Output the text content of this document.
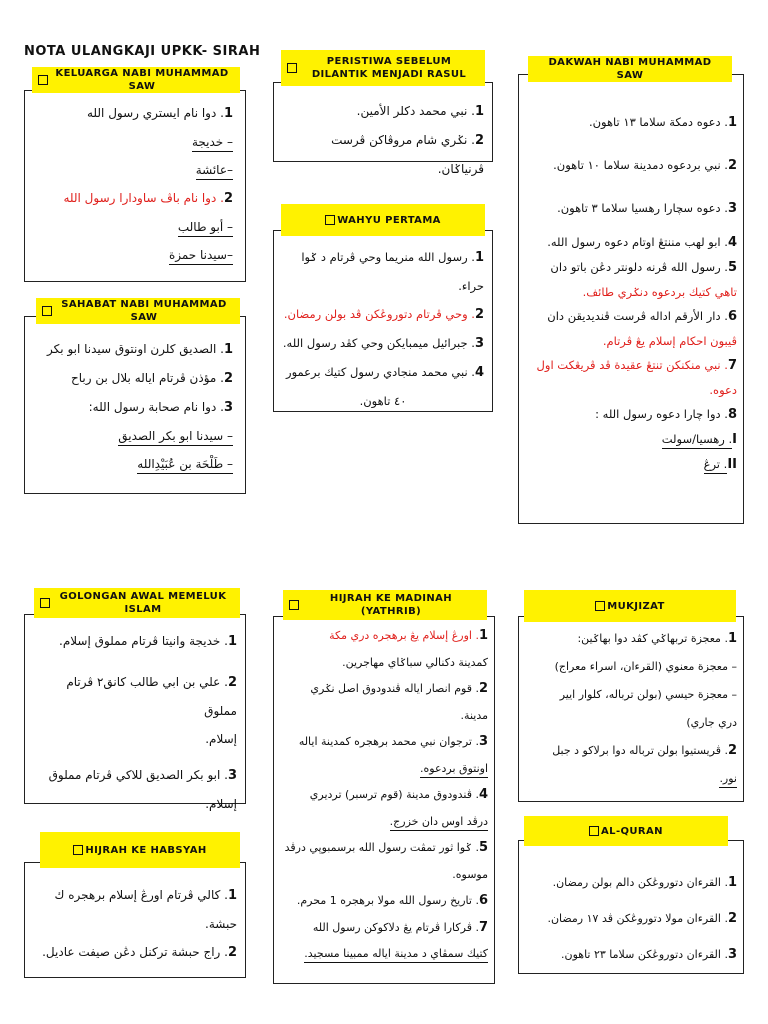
NOTA ULANGKAJI UPKK- SIRAH
1. دوا نام ايستري رسول الله
– خديجة
–عائشة
2. دوا نام باڤ ساودارا رسول الله
– أبو طالب
–سيدنا حمزة
KELUARGA NABI MUHAMMAD SAW
1. الصديق كلرن اونتوق سيدنا ابو بكر
2. مؤذن ڤرتام اياله بلال بن رباح
3. دوا نام صحابة رسول الله:
– سيدنا ابو بكر الصديق
– طَلْحَة بن عُبَيْدِالله
SAHABAT NABI MUHAMMAD SAW
1. نبي محمد دكلر الأمين.
2. نݢري شام مروڤاكن ڤرست ڤرنياݢان.
PERISTIWA SEBELUM DILANTIK MENJADI RASUL
1. رسول الله منريما وحي ڤرتام د ݢوا حراء.
2. وحي ڤرتام دتوروڠكن ڤد بولن رمضان.
3. جبرائيل ميمبايكن وحي كڤد رسول الله.
4. نبي محمد منجادي رسول كتيك برعمور
٤٠ تاهون.
WAHYU PERTAMA
1. دعوه دمكة سلاما ١٣ تاهون.
2. نبي بردعوه دمدينة سلاما ١٠ تاهون.
3. دعوه سچارا رهسيا سلاما ٣ تاهون.
4. ابو لهب مننتڠ اوتام دعوه رسول الله.
5. رسول الله ڤرنه دلونتر دڠن باتو دان
تاهي كتيك بردعوه دنݢري طائف.
6. دار الأرقم اداله ڤرست ڤنديديقن دان
ڤيبون احكام إسلام يڠ ڤرتام.
7. نبي منكنكن تنتڠ عقيدة ڤد ڤريڠكت اول
دعوه.
8. دوا چارا دعوه رسول الله :
I. رهسيا/سولت
II. ترڠ
DAKWAH NABI MUHAMMAD SAW
1. خديجة وانيتا ڤرتام مملوق إسلام.
2. علي بن ابي طالب كانق٢ ڤرتام مملوق
إسلام.
3. ابو بكر الصديق للاكي ڤرتام مملوق
إسلام.
GOLONGAN AWAL MEMELUK ISLAM
1. كالي ڤرتام اورڠ إسلام برهجره ك
حبشة.
2. راج حبشة ترکنل دڠن صيفت عاديل.
HIJRAH KE HABSYAH
1. اورڠ إسلام يڠ برهجره دري مكة
كمدينة دكنالي سباݢاي مهاجرين.
2. قوم انصار اياله ڤندودوق اصل نݢري
مدينة.
3. ترجوان نبي محمد برهجره كمدينة اياله
اونتوق بردعوه.
4. ڤندودوق مدينة (قوم ترسبر) ترديري
درڤد اوس دان خزرج.
5. ݢوا ثور تمڤت رسول الله برسمبوڽي درڤد
موسوه.
6. تاريخ رسول الله مولا برهجره 1 محرم.
7. ڤركارا ڤرتام يڠ دلاكوكن رسول الله
كتيك سمڤاي د مدينة اياله ممبينا مسجيد.
HIJRAH KE MADINAH (YATHRIB)
1. معجزة تربهاݢي كڤد دوا بهاݢين:
– معجزة معنوي (القرءان، اسراء معراج)
– معجزة حيسي (بولن ترباله، كلوار ايير
دري جاري)
2. ڤريستيوا بولن ترباله دوا برلاكو د جبل
نور.
MUKJIZAT
1. القرءان دتوروڠكن دالم بولن رمضان.
2. القرءان مولا دتوروڠكن ڤد ١٧ رمضان.
3. القرءان دتوروڠكن سلاما ٢٣ تاهون.
AL-QURAN
